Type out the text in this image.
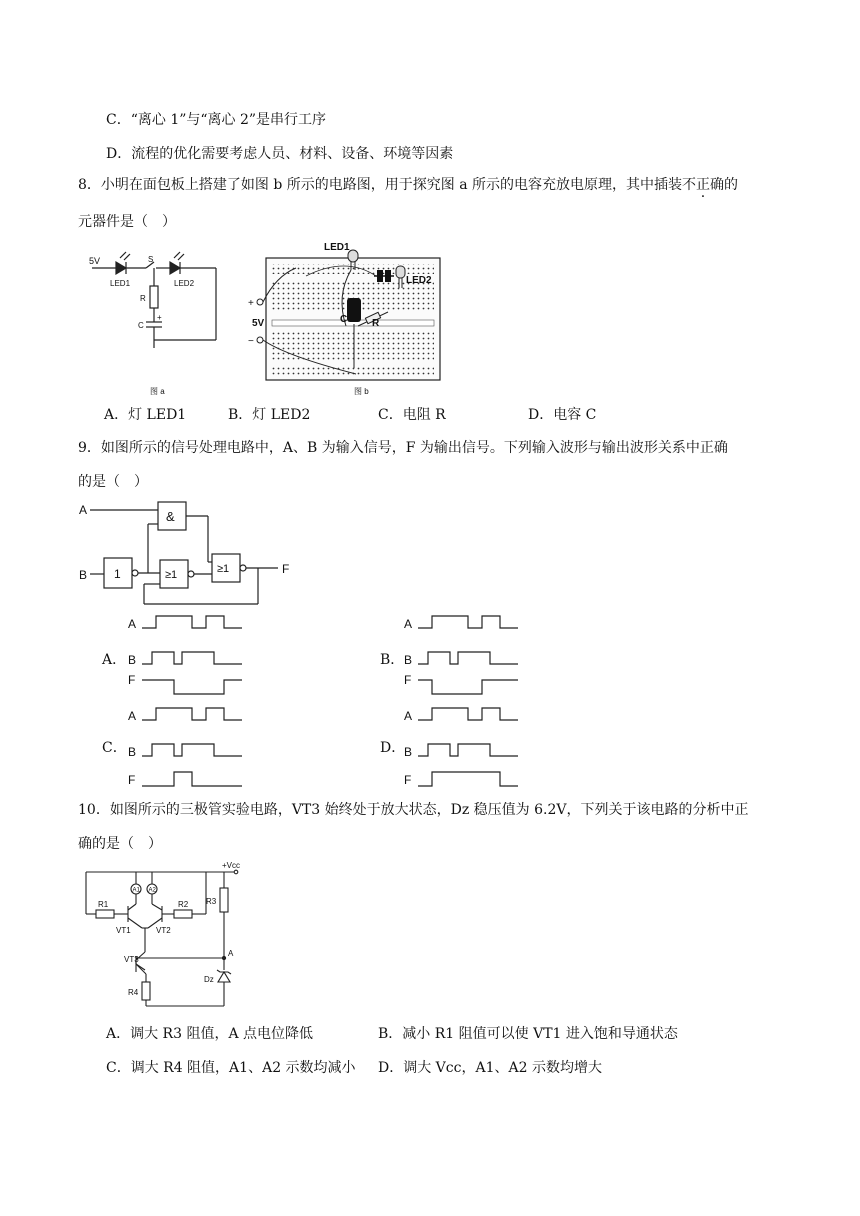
C．“离心 1”与“离心 2”是串行工序
D．流程的优化需要考虑人员、材料、设备、环境等因素
8．小明在面包板上搭建了如图 b 所示的电路图，用于探究图 a 所示的电容充放电原理，其中插装不正确的
元器件是（　）
5V
LED1
S
LED2
R
C
+
图 a
LED1
LED2
+
5V
−
C R
图 b
A．灯 LED1	B．灯 LED2	C．电阻 R	D．电容 C
9．如图所示的信号处理电路中，A、B 为输入信号，F 为输出信号。下列输入波形与输出波形关系中正确
的是（　）
A
B	F
&
1	≥1	≥1
A．	B．
C．	D．
A
B
F
A
B
F
A
B
F
A
B
F
10．如图所示的三极管实验电路，VT3 始终处于放大状态，Dz 稳压值为 6.2V，下列关于该电路的分析中正
确的是（　）
+Vcc
A1 A2
R1	R2 R3
R4
VT1	VT2
VT3
A
Dz
A．调大 R3 阻值，A 点电位降低	B．减小 R1 阻值可以使 VT1 进入饱和导通状态
C．调大 R4 阻值，A1、A2 示数均减小 D．调大 Vcc，A1、A2 示数均增大
